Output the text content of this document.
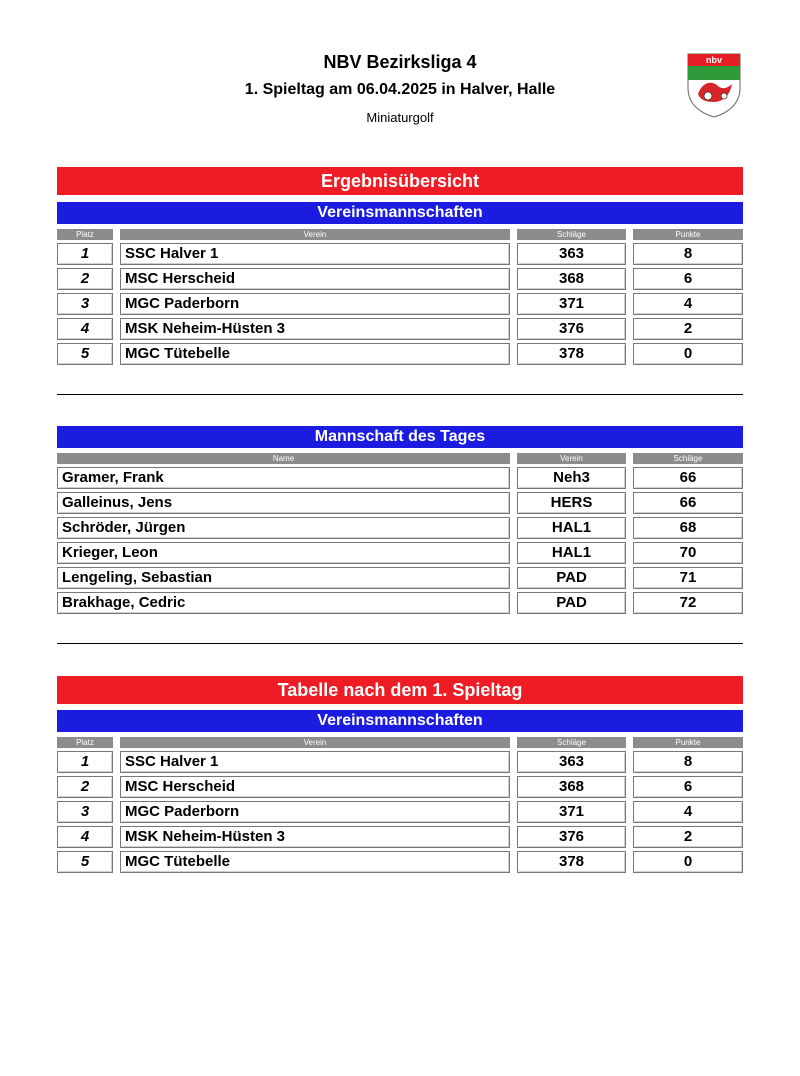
NBV Bezirksliga 4
1. Spieltag am 06.04.2025 in Halver, Halle
Miniaturgolf
nbv
Ergebnisübersicht
Vereinsmannschaften
Platz	Verein	Schläge	Punkte
1	SSC Halver 1	363	8
2	MSC Herscheid	368	6
3	MGC Paderborn	371	4
4	MSK Neheim-Hüsten 3	376	2
5	MGC Tütebelle	378	0
Mannschaft des Tages
Name	Verein	Schläge
Gramer, Frank	Neh3	66
Galleinus, Jens	HERS	66
Schröder, Jürgen	HAL1	68
Krieger, Leon	HAL1	70
Lengeling, Sebastian	PAD	71
Brakhage, Cedric	PAD	72
Tabelle nach dem 1. Spieltag
Vereinsmannschaften
Platz	Verein	Schläge	Punkte
1	SSC Halver 1	363	8
2	MSC Herscheid	368	6
3	MGC Paderborn	371	4
4	MSK Neheim-Hüsten 3	376	2
5	MGC Tütebelle	378	0
